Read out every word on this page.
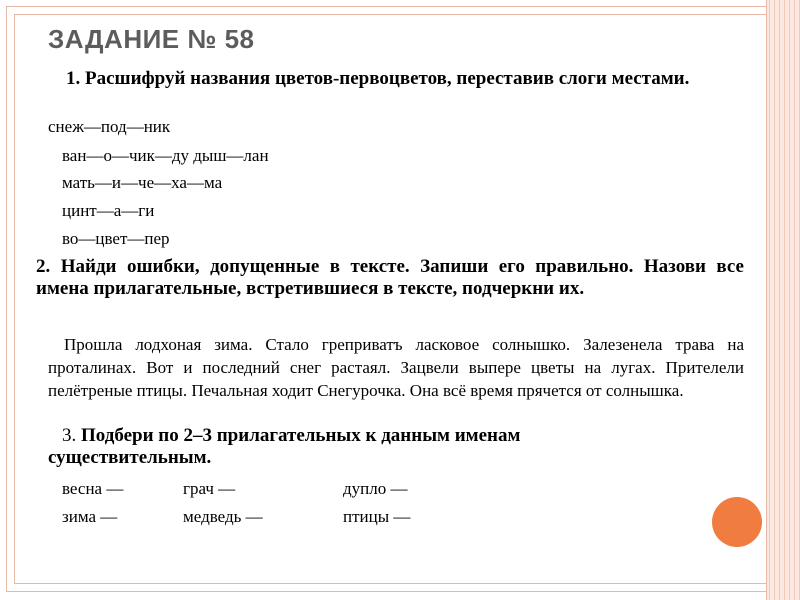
ЗАДАНИЕ № 58
1. Расшифруй названия цветов-первоцветов, переставив слоги местами.
снеж—под—ник
ван—о—чик—ду дыш—лан
мать—и—че—ха—ма
цинт—а—ги
во—цвет—пер
2. Найди ошибки, допущенные в тексте. Запиши его правильно. Назови все имена прилагательные, встретившиеся в тексте, подчеркни их.
Прошла лодхоная зима. Стало греприватъ ласковое солнышко. Залезенела трава на проталинах. Вот и последний снег растаял. Зацвели выпере цветы на лугах. Прителели пелётреные птицы. Печальная ходит Снегурочка. Она всё время прячется от солнышка.
3. Подбери по 2–3 прилагательных к данным именам существительным.
весна —	грач —	дупло —
зима —	медведь —	птицы —
